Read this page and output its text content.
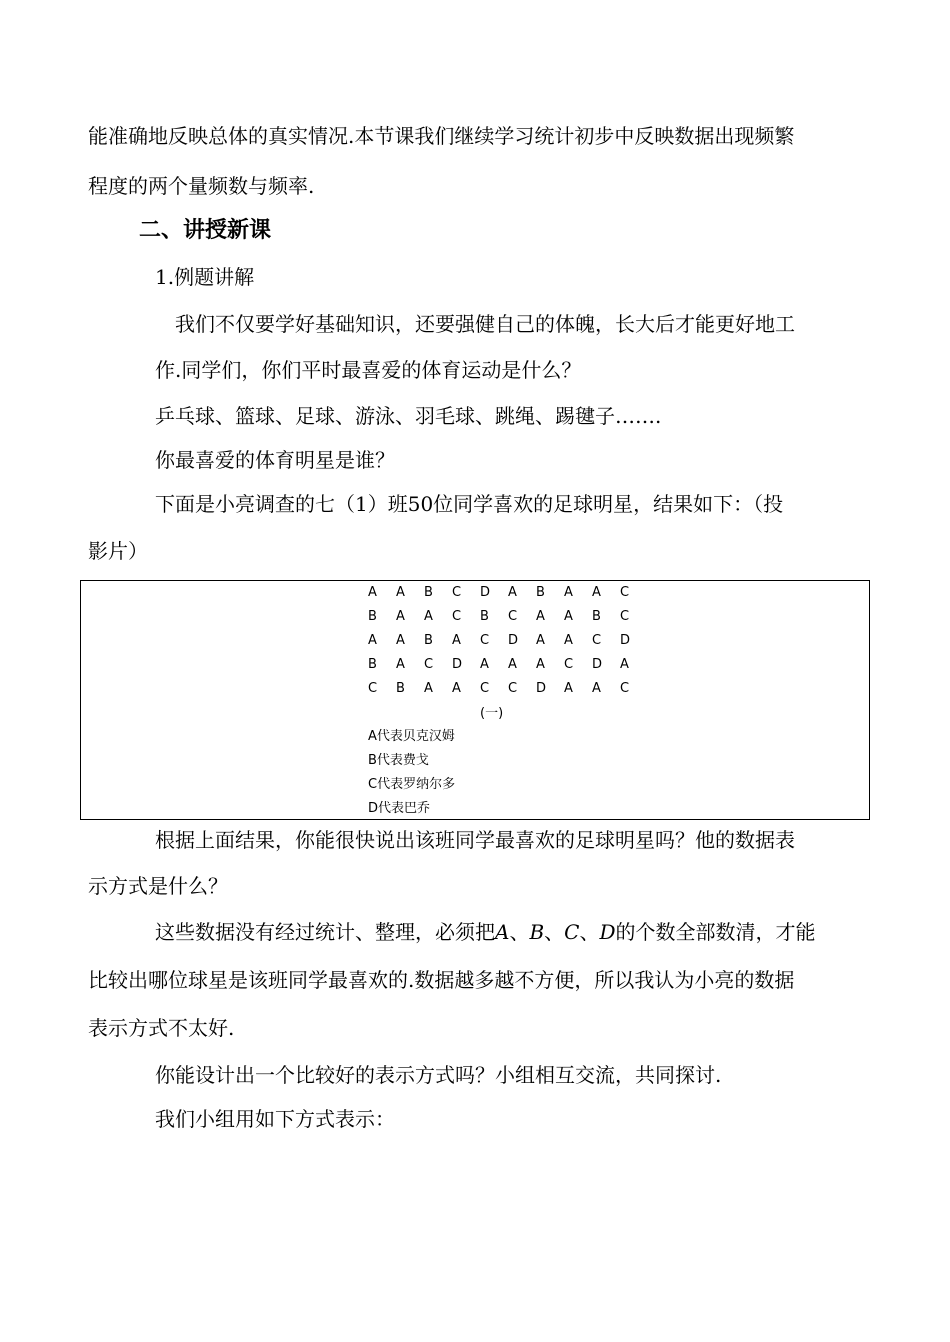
能准确地反映总体的真实情况.本节课我们继续学习统计初步中反映数据出现频繁
程度的两个量频数与频率.
二、讲授新课
1.例题讲解
我们不仅要学好基础知识，还要强健自己的体魄，长大后才能更好地工
作.同学们，你们平时最喜爱的体育运动是什么？
乒乓球、篮球、足球、游泳、羽毛球、跳绳、踢毽子…….
你最喜爱的体育明星是谁？
下面是小亮调查的七（1）班50位同学喜欢的足球明星，结果如下：（投
影片）
A	A	B	C	D	A	B	A	A	C
B	A	A	C	B	C	A	A	B	C
A	A	B	A	C	D	A	A	C	D
B	A	C	D	A	A	A	C	D	A
C	B	A	A	C	C	D	A	A	C
(一)
A代表贝克汉姆
B代表费戈
C代表罗纳尔多
D代表巴乔
根据上面结果，你能很快说出该班同学最喜欢的足球明星吗？他的数据表
示方式是什么？
这些数据没有经过统计、整理，必须把A、B、C、D的个数全部数清，才能
比较出哪位球星是该班同学最喜欢的.数据越多越不方便，所以我认为小亮的数据
表示方式不太好.
你能设计出一个比较好的表示方式吗？小组相互交流，共同探讨.
我们小组用如下方式表示：
